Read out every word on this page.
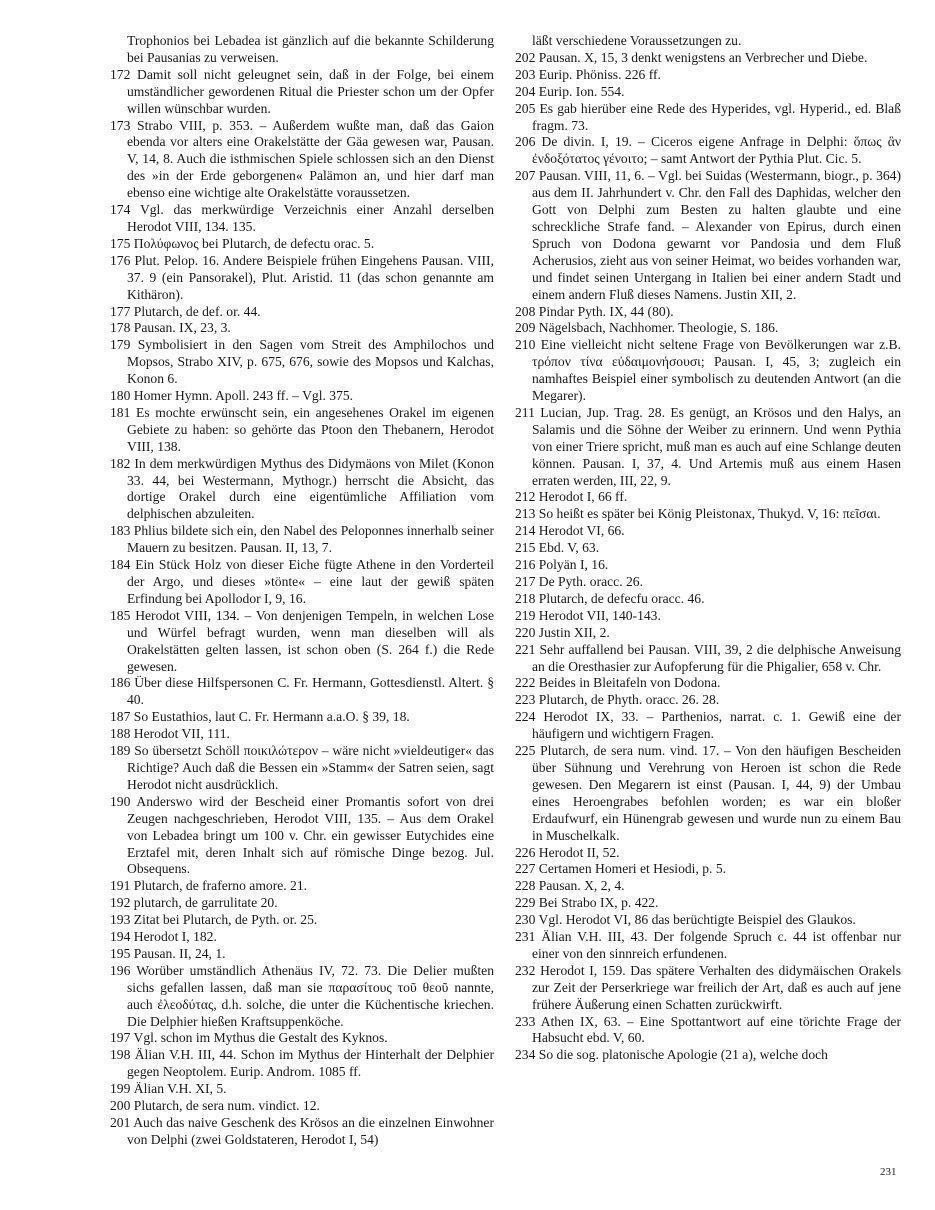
Trophonios bei Lebadea ist gänzlich auf die bekannte Schilderung bei Pausanias zu verweisen.

172 Damit soll nicht geleugnet sein, daß in der Folge, bei einem umständlicher gewordenen Ritual die Priester schon um der Opfer willen wünschbar wurden.

173 Strabo VIII, p. 353. – Außerdem wußte man, daß das Gaion ebenda vor alters eine Orakelstätte der Gäa gewesen war, Pausan. V, 14, 8. Auch die isthmischen Spiele schlossen sich an den Dienst des »in der Erde geborgenen« Palämon an, und hier darf man ebenso eine wichtige alte Orakelstätte voraussetzen.

174 Vgl. das merkwürdige Verzeichnis einer Anzahl derselben Herodot VIII, 134. 135.

175 Πολύφωνος bei Plutarch, de defectu orac. 5.

176 Plut. Pelop. 16. Andere Beispiele frühen Eingehens Pausan. VIII, 37. 9 (ein Pansorakel), Plut. Aristid. 11 (das schon genannte am Kithäron).

177 Plutarch, de def. or. 44.

178 Pausan. IX, 23, 3.

179 Symbolisiert in den Sagen vom Streit des Amphilochos und Mopsos, Strabo XIV, p. 675, 676, sowie des Mopsos und Kalchas, Konon 6.

180 Homer Hymn. Apoll. 243 ff. – Vgl. 375.

181 Es mochte erwünscht sein, ein angesehenes Orakel im eigenen Gebiete zu haben: so gehörte das Ptoon den Thebanern, Herodot VIII, 138.

182 In dem merkwürdigen Mythus des Didymäons von Milet (Konon 33. 44, bei Westermann, Mythogr.) herrscht die Absicht, das dortige Orakel durch eine eigentümliche Affiliation vom delphischen abzuleiten.

183 Phlius bildete sich ein, den Nabel des Peloponnes innerhalb seiner Mauern zu besitzen. Pausan. II, 13, 7.

184 Ein Stück Holz von dieser Eiche fügte Athene in den Vorderteil der Argo, und dieses »tönte« – eine laut der gewiß späten Erfindung bei Apollodor I, 9, 16.

185 Herodot VIII, 134. – Von denjenigen Tempeln, in welchen Lose und Würfel befragt wurden, wenn man dieselben will als Orakelstätten gelten lassen, ist schon oben (S. 264 f.) die Rede gewesen.

186 Über diese Hilfspersonen C. Fr. Hermann, Gottesdienstl. Altert. § 40.

187 So Eustathios, laut C. Fr. Hermann a.a.O. § 39, 18.

188 Herodot VII, 111.

189 So übersetzt Schöll ποικιλώτερον – wäre nicht »vieldeutiger« das Richtige? Auch daß die Bessen ein »Stamm« der Satren seien, sagt Herodot nicht ausdrücklich.

190 Anderswo wird der Bescheid einer Promantis sofort von drei Zeugen nachgeschrieben, Herodot VIII, 135. – Aus dem Orakel von Lebadea bringt um 100 v. Chr. ein gewisser Eutychides eine Erztafel mit, deren Inhalt sich auf römische Dinge bezog. Jul. Obsequens.

191 Plutarch, de fraferno amore. 21.

192 plutarch, de garrulitate 20.

193 Zitat bei Plutarch, de Pyth. or. 25.

194 Herodot I, 182.

195 Pausan. II, 24, 1.

196 Worüber umständlich Athenäus IV, 72. 73. Die Delier mußten sichs gefallen lassen, daß man sie παρασίτους τοῦ θεοῦ nannte, auch ἐλεοδύτας, d.h. solche, die unter die Küchentische kriechen. Die Delphier hießen Kraftsuppenköche.

197 Vgl. schon im Mythus die Gestalt des Kyknos.

198 Älian V.H. III, 44. Schon im Mythus der Hinterhalt der Delphier gegen Neoptolem. Eurip. Androm. 1085 ff.

199 Älian V.H. XI, 5.

200 Plutarch, de sera num. vindict. 12.

201 Auch das naive Geschenk des Krösos an die einzelnen Einwohner von Delphi (zwei Goldstateren, Herodot I, 54)

läßt verschiedene Voraussetzungen zu.

202 Pausan. X, 15, 3 denkt wenigstens an Verbrecher und Diebe.

203 Eurip. Phöniss. 226 ff.

204 Eurip. Ion. 554.

205 Es gab hierüber eine Rede des Hyperides, vgl. Hyperid., ed. Blaß fragm. 73.

206 De divin. I, 19. – Ciceros eigene Anfrage in Delphi: ὅπως ἂν ἐνδοξότατος γένοιτο; – samt Antwort der Pythia Plut. Cic. 5.

207 Pausan. VIII, 11, 6. – Vgl. bei Suidas (Westermann, biogr., p. 364) aus dem II. Jahrhundert v. Chr. den Fall des Daphidas, welcher den Gott von Delphi zum Besten zu halten glaubte und eine schreckliche Strafe fand. – Alexander von Epirus, durch einen Spruch von Dodona gewarnt vor Pandosia und dem Fluß Acherusios, zieht aus von seiner Heimat, wo beides vorhanden war, und findet seinen Untergang in Italien bei einer andern Stadt und einem andern Fluß dieses Namens. Justin XII, 2.

208 Pindar Pyth. IX, 44 (80).

209 Nägelsbach, Nachhomer. Theologie, S. 186.

210 Eine vielleicht nicht seltene Frage von Bevölkerungen war z.B. τρόπον τίνα εὐδαιμονήσουσι; Pausan. I, 45, 3; zugleich ein namhaftes Beispiel einer symbolisch zu deutenden Antwort (an die Megarer).

211 Lucian, Jup. Trag. 28. Es genügt, an Krösos und den Halys, an Salamis und die Söhne der Weiber zu erinnern. Und wenn Pythia von einer Triere spricht, muß man es auch auf eine Schlange deuten können. Pausan. I, 37, 4. Und Artemis muß aus einem Hasen erraten werden, III, 22, 9.

212 Herodot I, 66 ff.

213 So heißt es später bei König Pleistonax, Thukyd. V, 16: πεῖσαι.

214 Herodot VI, 66.

215 Ebd. V, 63.

216 Polyän I, 16.

217 De Pyth. oracc. 26.

218 Plutarch, de defecfu oracc. 46.

219 Herodot VII, 140-143.

220 Justin XII, 2.

221 Sehr auffallend bei Pausan. VIII, 39, 2 die delphische Anweisung an die Oresthasier zur Aufopferung für die Phigalier, 658 v. Chr.

222 Beides in Bleitafeln von Dodona.

223 Plutarch, de Phyth. oracc. 26. 28.

224 Herodot IX, 33. – Parthenios, narrat. c. 1. Gewiß eine der häufigern und wichtigern Fragen.

225 Plutarch, de sera num. vind. 17. – Von den häufigen Bescheiden über Sühnung und Verehrung von Heroen ist schon die Rede gewesen. Den Megarern ist einst (Pausan. I, 44, 9) der Umbau eines Heroengrabes befohlen worden; es war ein bloßer Erdaufwurf, ein Hünengrab gewesen und wurde nun zu einem Bau in Muschelkalk.

226 Herodot II, 52.

227 Certamen Homeri et Hesiodi, p. 5.

228 Pausan. X, 2, 4.

229 Bei Strabo IX, p. 422.

230 Vgl. Herodot VI, 86 das berüchtigte Beispiel des Glaukos.

231 Älian V.H. III, 43. Der folgende Spruch c. 44 ist offenbar nur einer von den sinnreich erfundenen.

232 Herodot I, 159. Das spätere Verhalten des didymäischen Orakels zur Zeit der Perserkriege war freilich der Art, daß es auch auf jene frühere Äußerung einen Schatten zurückwirft.

233 Athen IX, 63. – Eine Spottantwort auf eine törichte Frage der Habsucht ebd. V, 60.

234 So die sog. platonische Apologie (21 a), welche doch

231
